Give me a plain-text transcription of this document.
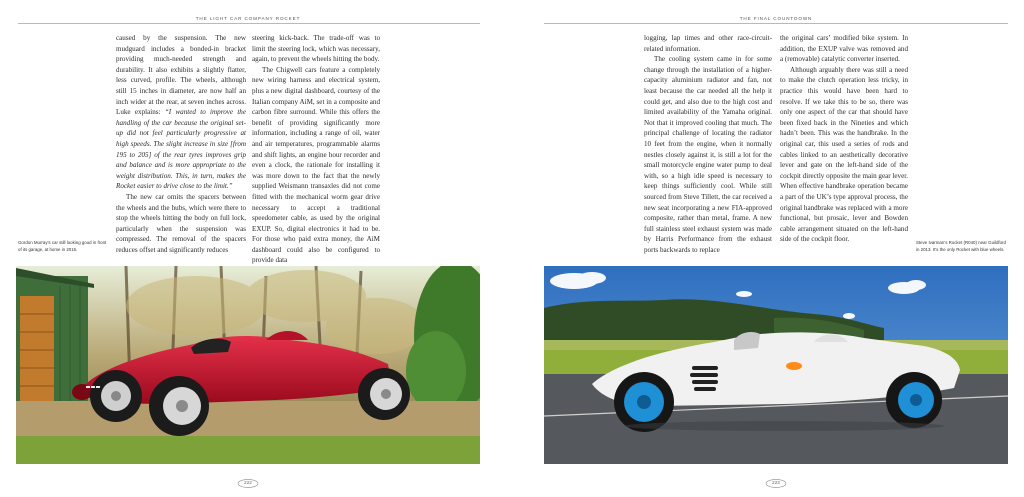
THE LIGHT CAR COMPANY ROCKET

caused by the suspension. The new mudguard includes a bonded-in bracket providing much-needed strength and durability. It also exhibits a slightly flatter, less curved, profile. The wheels, although still 15 inches in diameter, are now half an inch wider at the rear, at seven inches across. Luke explains: “I wanted to improve the handling of the car because the original set-up did not feel particularly progressive at high speeds. The slight increase in size [from 195 to 205] of the rear tyres improves grip and balance and is more appropriate to the weight distribution. This, in turn, makes the Rocket easier to drive close to the limit.”

The new car omits the spacers between the wheels and the hubs, which were there to stop the wheels hitting the body on full lock, particularly when the suspension was compressed. The removal of the spacers reduces offset and significantly reduces

steering kick-back. The trade-off was to limit the steering lock, which was necessary, again, to prevent the wheels hitting the body.

The Chigwell cars feature a completely new wiring harness and electrical system, plus a new digital dashboard, courtesy of the Italian company AiM, set in a composite and carbon fibre surround. While this offers the benefit of providing significantly more information, including a range of oil, water and air temperatures, programmable alarms and shift lights, an engine hour recorder and even a clock, the rationale for installing it was more down to the fact that the newly supplied Weismann transaxles did not come fitted with the mechanical worm gear drive necessary to accept a traditional speedometer cable, as used by the original EXUP. So, digital electronics it had to be. For those who paid extra money, the AiM dashboard could also be configured to provide data

Gordon Murray’s car still looking good in front of its garage, at home in 2016.
222
THE FINAL COUNTDOWN

logging, lap times and other race-circuit-related information.

The cooling system came in for some change through the installation of a higher-capacity aluminium radiator and fan, not least because the car needed all the help it could get, and also due to the high cost and limited availability of the Yamaha original. Not that it improved cooling that much. The principal challenge of locating the radiator 10 feet from the engine, when it normally nestles closely against it, is still a lot for the small motorcycle engine water pump to deal with, so a high idle speed is necessary to keep things sufficiently cool. While still sourced from Steve Tillett, the car received a new seat incorporating a new FIA-approved composite, rather than metal, frame. A new full stainless steel exhaust system was made by Harris Performance from the exhaust ports backwards to replace

the original cars’ modified bike system. In addition, the EXUP valve was removed and a (removable) catalytic converter inserted.

Although arguably there was still a need to make the clutch operation less tricky, in practice this would have been hard to resolve. If we take this to be so, there was only one aspect of the car that should have been fixed back in the Nineties and which hadn’t been. This was the handbrake. In the original car, this used a series of rods and cables linked to an aesthetically decorative lever and gate on the left-hand side of the cockpit directly opposite the main gear lever. When effective handbrake operation became a part of the UK’s type approval process, the original handbrake was replaced with a more functional, but prosaic, lever and Bowden cable arrangement situated on the left-hand side of the cockpit floor.	Steve Ivarman’s Rocket (R040) near Guildford in 2013. It’s the only Rocket with blue wheels.
223
